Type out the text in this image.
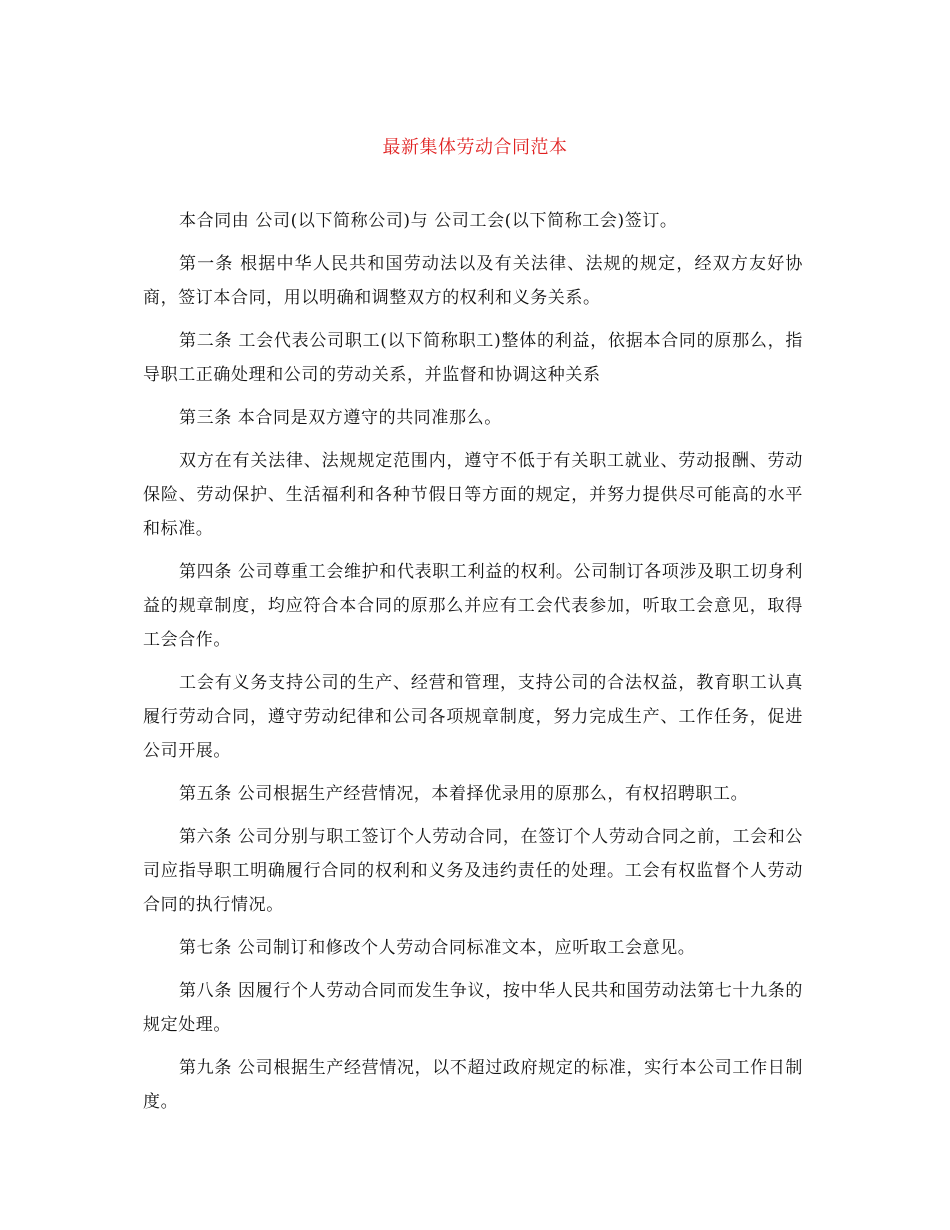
最新集体劳动合同范本

本合同由 公司(以下简称公司)与 公司工会(以下简称工会)签订。

第一条 根据中华人民共和国劳动法以及有关法律、法规的规定，经双方友好协商，签订本合同，用以明确和调整双方的权利和义务关系。

第二条 工会代表公司职工(以下简称职工)整体的利益，依据本合同的原那么，指导职工正确处理和公司的劳动关系，并监督和协调这种关系

第三条 本合同是双方遵守的共同准那么。

双方在有关法律、法规规定范围内，遵守不低于有关职工就业、劳动报酬、劳动保险、劳动保护、生活福利和各种节假日等方面的规定，并努力提供尽可能高的水平和标准。

第四条 公司尊重工会维护和代表职工利益的权利。公司制订各项涉及职工切身利益的规章制度，均应符合本合同的原那么并应有工会代表参加，听取工会意见，取得工会合作。

工会有义务支持公司的生产、经营和管理，支持公司的合法权益，教育职工认真履行劳动合同，遵守劳动纪律和公司各项规章制度，努力完成生产、工作任务，促进公司开展。

第五条 公司根据生产经营情况，本着择优录用的原那么，有权招聘职工。

第六条 公司分别与职工签订个人劳动合同，在签订个人劳动合同之前，工会和公司应指导职工明确履行合同的权利和义务及违约责任的处理。工会有权监督个人劳动合同的执行情况。

第七条 公司制订和修改个人劳动合同标准文本，应听取工会意见。

第八条 因履行个人劳动合同而发生争议，按中华人民共和国劳动法第七十九条的规定处理。

第九条 公司根据生产经营情况，以不超过政府规定的标准，实行本公司工作日制度。
